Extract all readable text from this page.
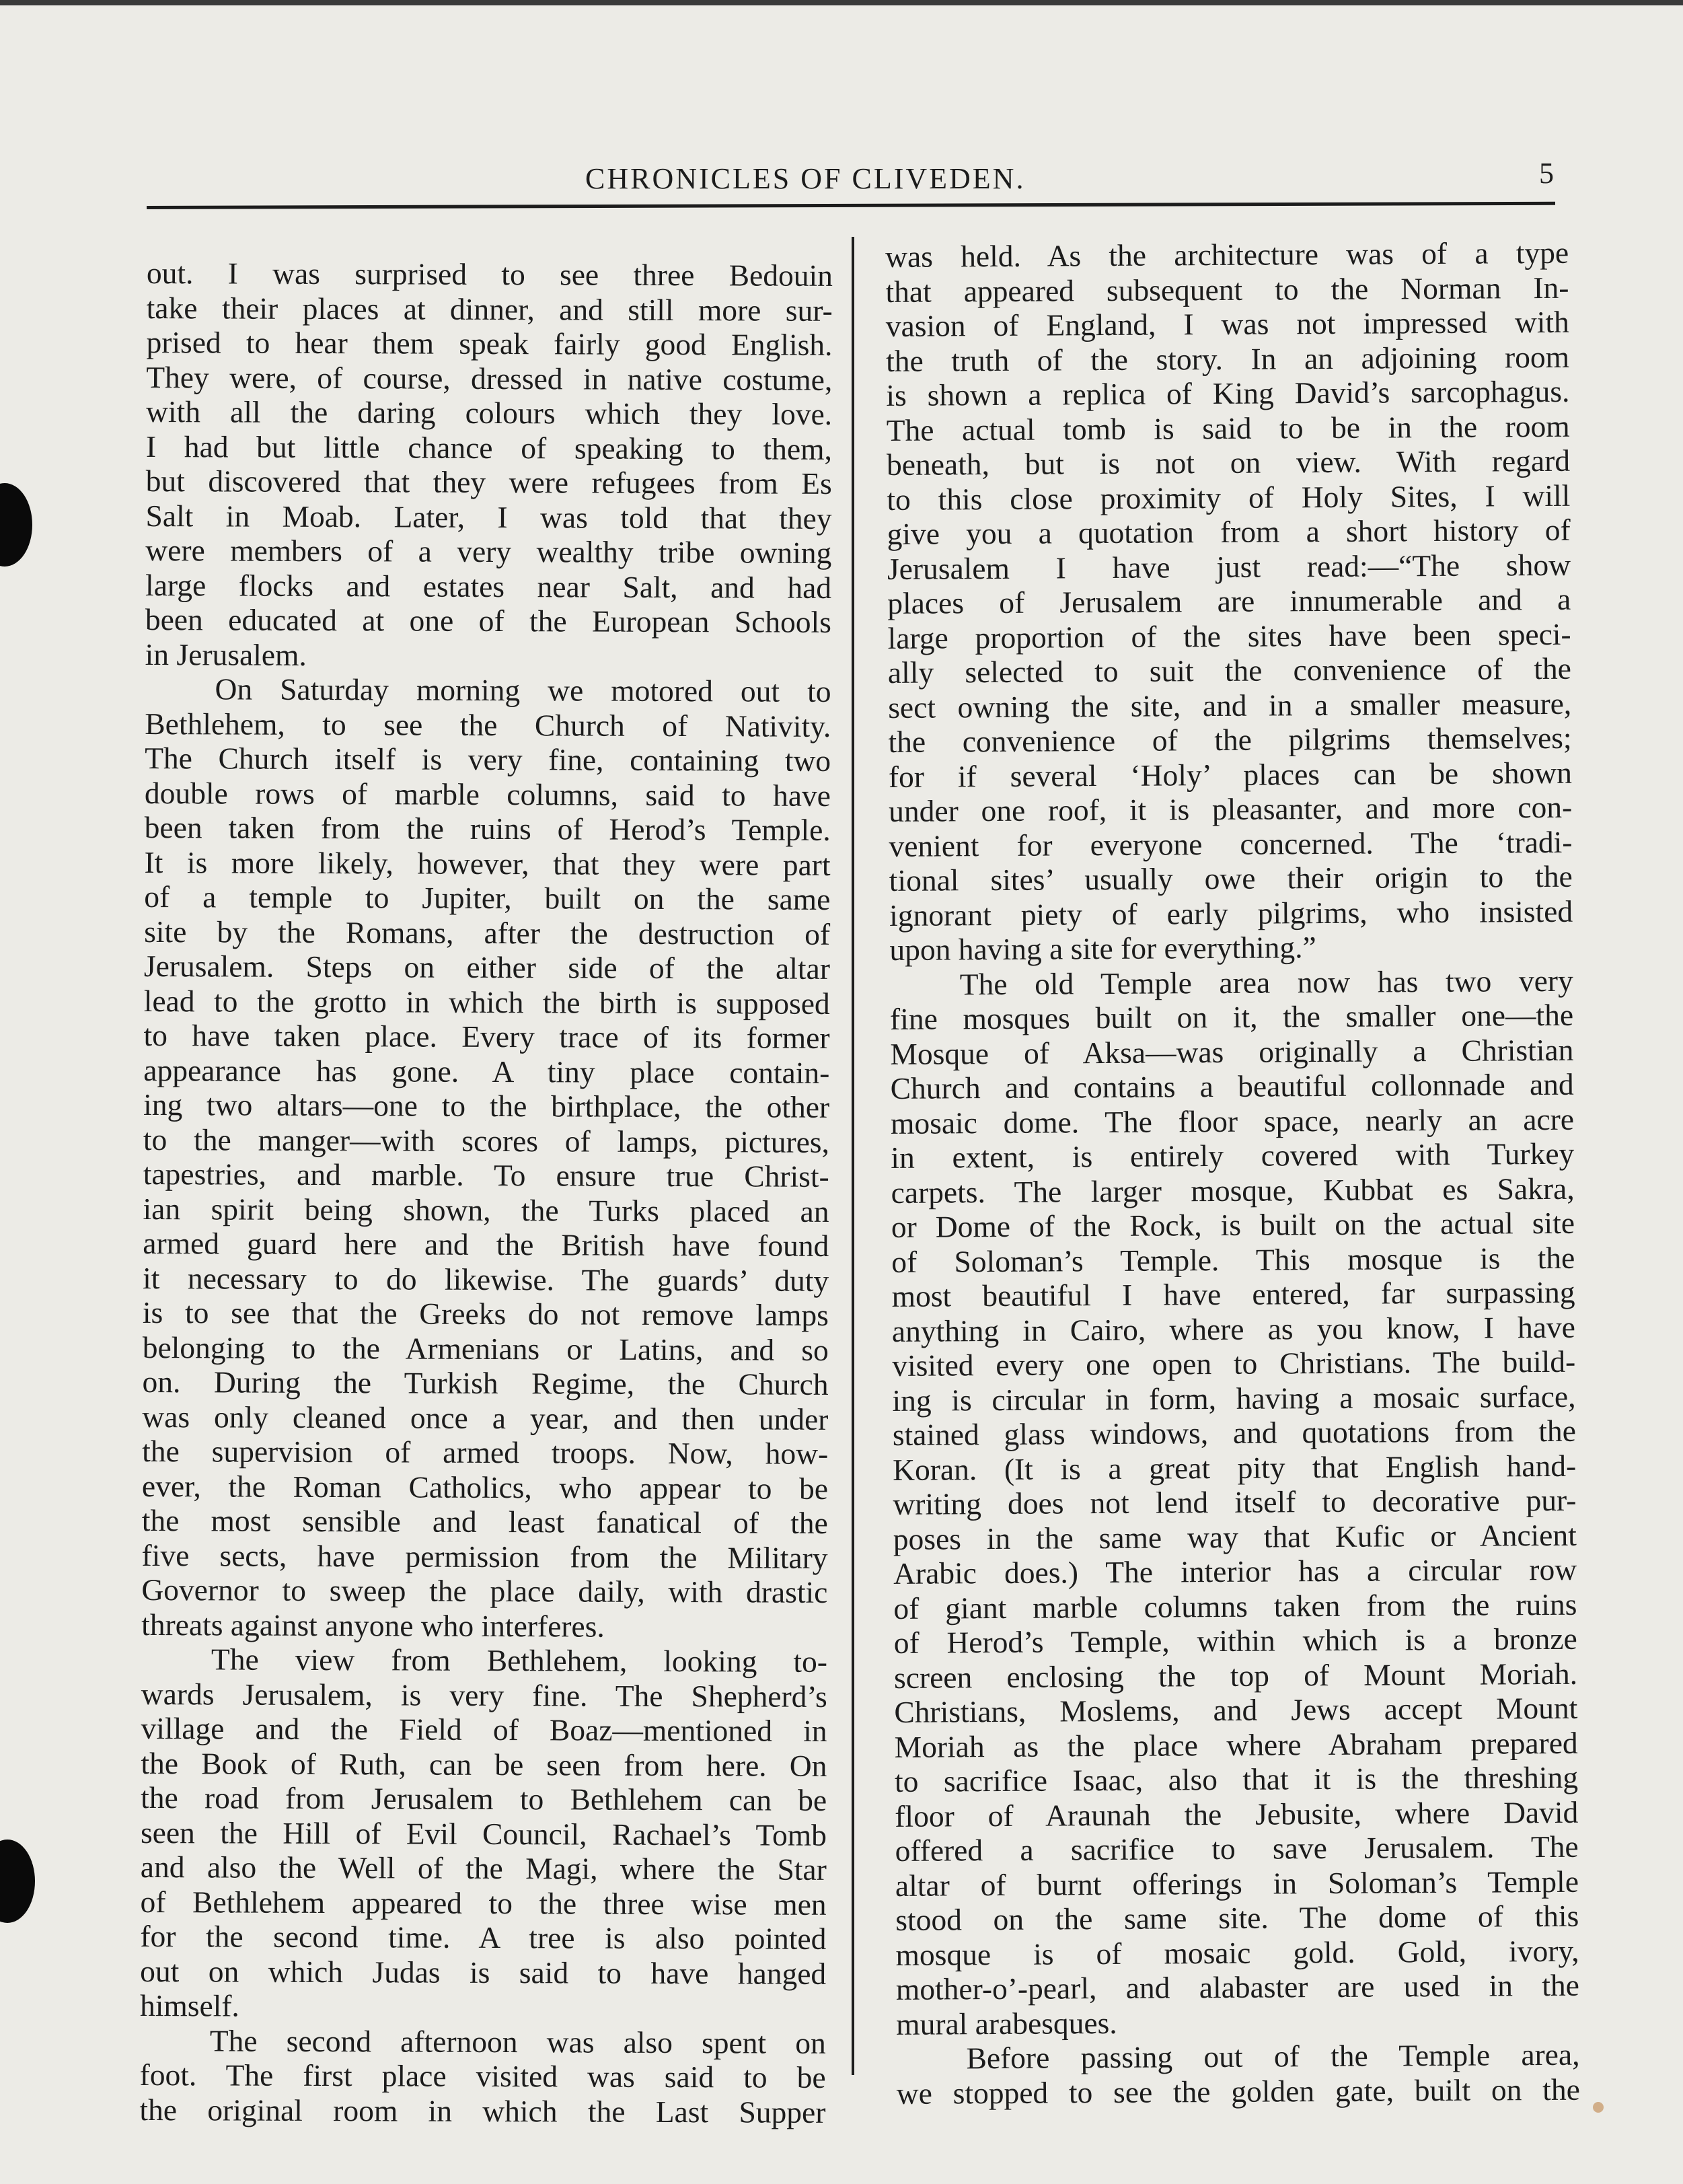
CHRONICLES OF CLIVEDEN.	5
out. I was surprised to see three Bedouin
take their places at dinner, and still more sur-
prised to hear them speak fairly good English.
They were, of course, dressed in native costume,
with all the daring colours which they love.
I had but little chance of speaking to them,
but discovered that they were refugees from Es
Salt in Moab. Later, I was told that they
were members of a very wealthy tribe owning
large flocks and estates near Salt, and had
been educated at one of the European Schools
in Jerusalem.
On Saturday morning we motored out to
Bethlehem, to see the Church of Nativity.
The Church itself is very fine, containing two
double rows of marble columns, said to have
been taken from the ruins of Herod’s Temple.
It is more likely, however, that they were part
of a temple to Jupiter, built on the same
site by the Romans, after the destruction of
Jerusalem. Steps on either side of the altar
lead to the grotto in which the birth is supposed
to have taken place. Every trace of its former
appearance has gone. A tiny place contain-
ing two altars—one to the birthplace, the other
to the manger—with scores of lamps, pictures,
tapestries, and marble. To ensure true Christ-
ian spirit being shown, the Turks placed an
armed guard here and the British have found
it necessary to do likewise. The guards’ duty
is to see that the Greeks do not remove lamps
belonging to the Armenians or Latins, and so
on. During the Turkish Regime, the Church
was only cleaned once a year, and then under
the supervision of armed troops. Now, how-
ever, the Roman Catholics, who appear to be
the most sensible and least fanatical of the
five sects, have permission from the Military
Governor to sweep the place daily, with drastic
threats against anyone who interferes.
The view from Bethlehem, looking to-
wards Jerusalem, is very fine. The Shepherd’s
village and the Field of Boaz—mentioned in
the Book of Ruth, can be seen from here. On
the road from Jerusalem to Bethlehem can be
seen the Hill of Evil Council, Rachael’s Tomb
and also the Well of the Magi, where the Star
of Bethlehem appeared to the three wise men
for the second time. A tree is also pointed
out on which Judas is said to have hanged
himself.
The second afternoon was also spent on
foot. The first place visited was said to be
the original room in which the Last Supper
was held. As the architecture was of a type
that appeared subsequent to the Norman In-
vasion of England, I was not impressed with
the truth of the story. In an adjoining room
is shown a replica of King David’s sarcophagus.
The actual tomb is said to be in the room
beneath, but is not on view. With regard
to this close proximity of Holy Sites, I will
give you a quotation from a short history of
Jerusalem I have just read:—“The show
places of Jerusalem are innumerable and a
large proportion of the sites have been speci-
ally selected to suit the convenience of the
sect owning the site, and in a smaller measure,
the convenience of the pilgrims themselves;
for if several ‘Holy’ places can be shown
under one roof, it is pleasanter, and more con-
venient for everyone concerned. The ‘tradi-
tional sites’ usually owe their origin to the
ignorant piety of early pilgrims, who insisted
upon having a site for everything.”
The old Temple area now has two very
fine mosques built on it, the smaller one—the
Mosque of Aksa—was originally a Christian
Church and contains a beautiful collonnade and
mosaic dome. The floor space, nearly an acre
in extent, is entirely covered with Turkey
carpets. The larger mosque, Kubbat es Sakra,
or Dome of the Rock, is built on the actual site
of Soloman’s Temple. This mosque is the
most beautiful I have entered, far surpassing
anything in Cairo, where as you know, I have
visited every one open to Christians. The build-
ing is circular in form, having a mosaic surface,
stained glass windows, and quotations from the
Koran. (It is a great pity that English hand-
writing does not lend itself to decorative pur-
poses in the same way that Kufic or Ancient
Arabic does.) The interior has a circular row
of giant marble columns taken from the ruins
of Herod’s Temple, within which is a bronze
screen enclosing the top of Mount Moriah.
Christians, Moslems, and Jews accept Mount
Moriah as the place where Abraham prepared
to sacrifice Isaac, also that it is the threshing
floor of Araunah the Jebusite, where David
offered a sacrifice to save Jerusalem. The
altar of burnt offerings in Soloman’s Temple
stood on the same site. The dome of this
mosque is of mosaic gold. Gold, ivory,
mother-o’-pearl, and alabaster are used in the
mural arabesques.
Before passing out of the Temple area,
we stopped to see the golden gate, built on the
